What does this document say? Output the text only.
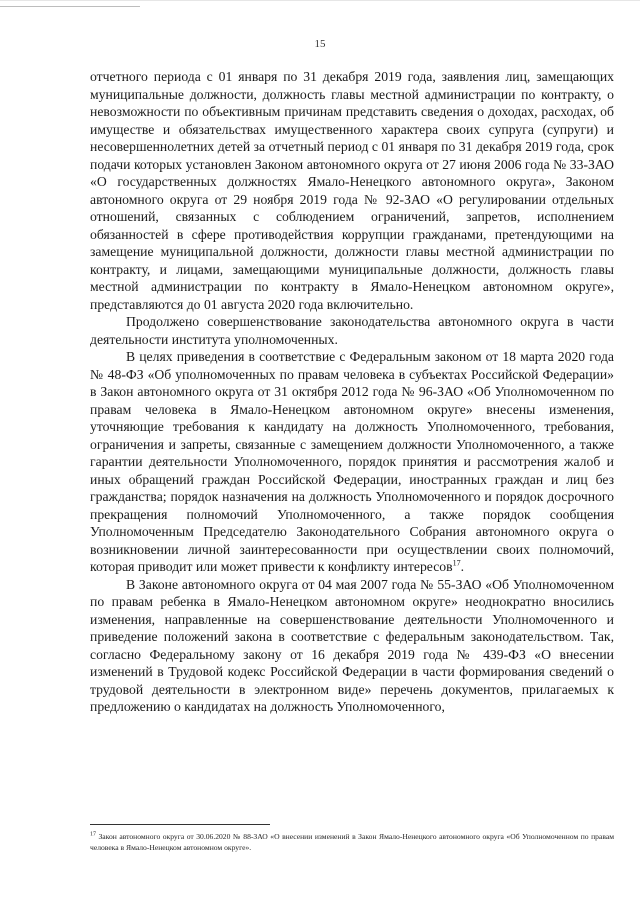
15

отчетного периода с 01 января по 31 декабря 2019 года, заявления лиц, замещающих муниципальные должности, должность главы местной администрации по контракту, о невозможности по объективным причинам представить сведения о доходах, расходах, об имуществе и обязательствах имущественного характера своих супруга (супруги) и несовершеннолетних детей за отчетный период с 01 января по 31 декабря 2019 года, срок подачи которых установлен Законом автономного округа от 27 июня 2006 года № 33-ЗАО «О государственных должностях Ямало-Ненецкого автономного округа», Законом автономного округа от 29 ноября 2019 года № 92-ЗАО «О регулировании отдельных отношений, связанных с соблюдением ограничений, запретов, исполнением обязанностей в сфере противодействия коррупции гражданами, претендующими на замещение муниципальной должности, должности главы местной администрации по контракту, и лицами, замещающими муниципальные должности, должность главы местной администрации по контракту в Ямало-Ненецком автономном округе», представляются до 01 августа 2020 года включительно.

Продолжено совершенствование законодательства автономного округа в части деятельности института уполномоченных.

В целях приведения в соответствие с Федеральным законом от 18 марта 2020 года № 48-ФЗ «Об уполномоченных по правам человека в субъектах Российской Федерации» в Закон автономного округа от 31 октября 2012 года № 96-ЗАО «Об Уполномоченном по правам человека в Ямало-Ненецком автономном округе» внесены изменения, уточняющие требования к кандидату на должность Уполномоченного, требования, ограничения и запреты, связанные с замещением должности Уполномоченного, а также гарантии деятельности Уполномоченного, порядок принятия и рассмотрения жалоб и иных обращений граждан Российской Федерации, иностранных граждан и лиц без гражданства; порядок назначения на должность Уполномоченного и порядок досрочного прекращения полномочий Уполномоченного, а также порядок сообщения Уполномоченным Председателю Законодательного Собрания автономного округа о возникновении личной заинтересованности при осуществлении своих полномочий, которая приводит или может привести к конфликту интересов$^{17}$.

В Законе автономного округа от 04 мая 2007 года № 55-ЗАО «Об Уполномоченном по правам ребенка в Ямало-Ненецком автономном округе» неоднократно вносились изменения, направленные на совершенствование деятельности Уполномоченного и приведение положений закона в соответствие с федеральным законодательством. Так, согласно Федеральному закону от 16 декабря 2019 года № 439-ФЗ «О внесении изменений в Трудовой кодекс Российской Федерации в части формирования сведений о трудовой деятельности в электронном виде» перечень документов, прилагаемых к предложению о кандидатах на должность Уполномоченного,

$^{17}$ Закон автономного округа от 30.06.2020 № 88-ЗАО «О внесении изменений в Закон Ямало-Ненецкого автономного округа «Об Уполномоченном по правам человека в Ямало-Ненецком автономном округе».
